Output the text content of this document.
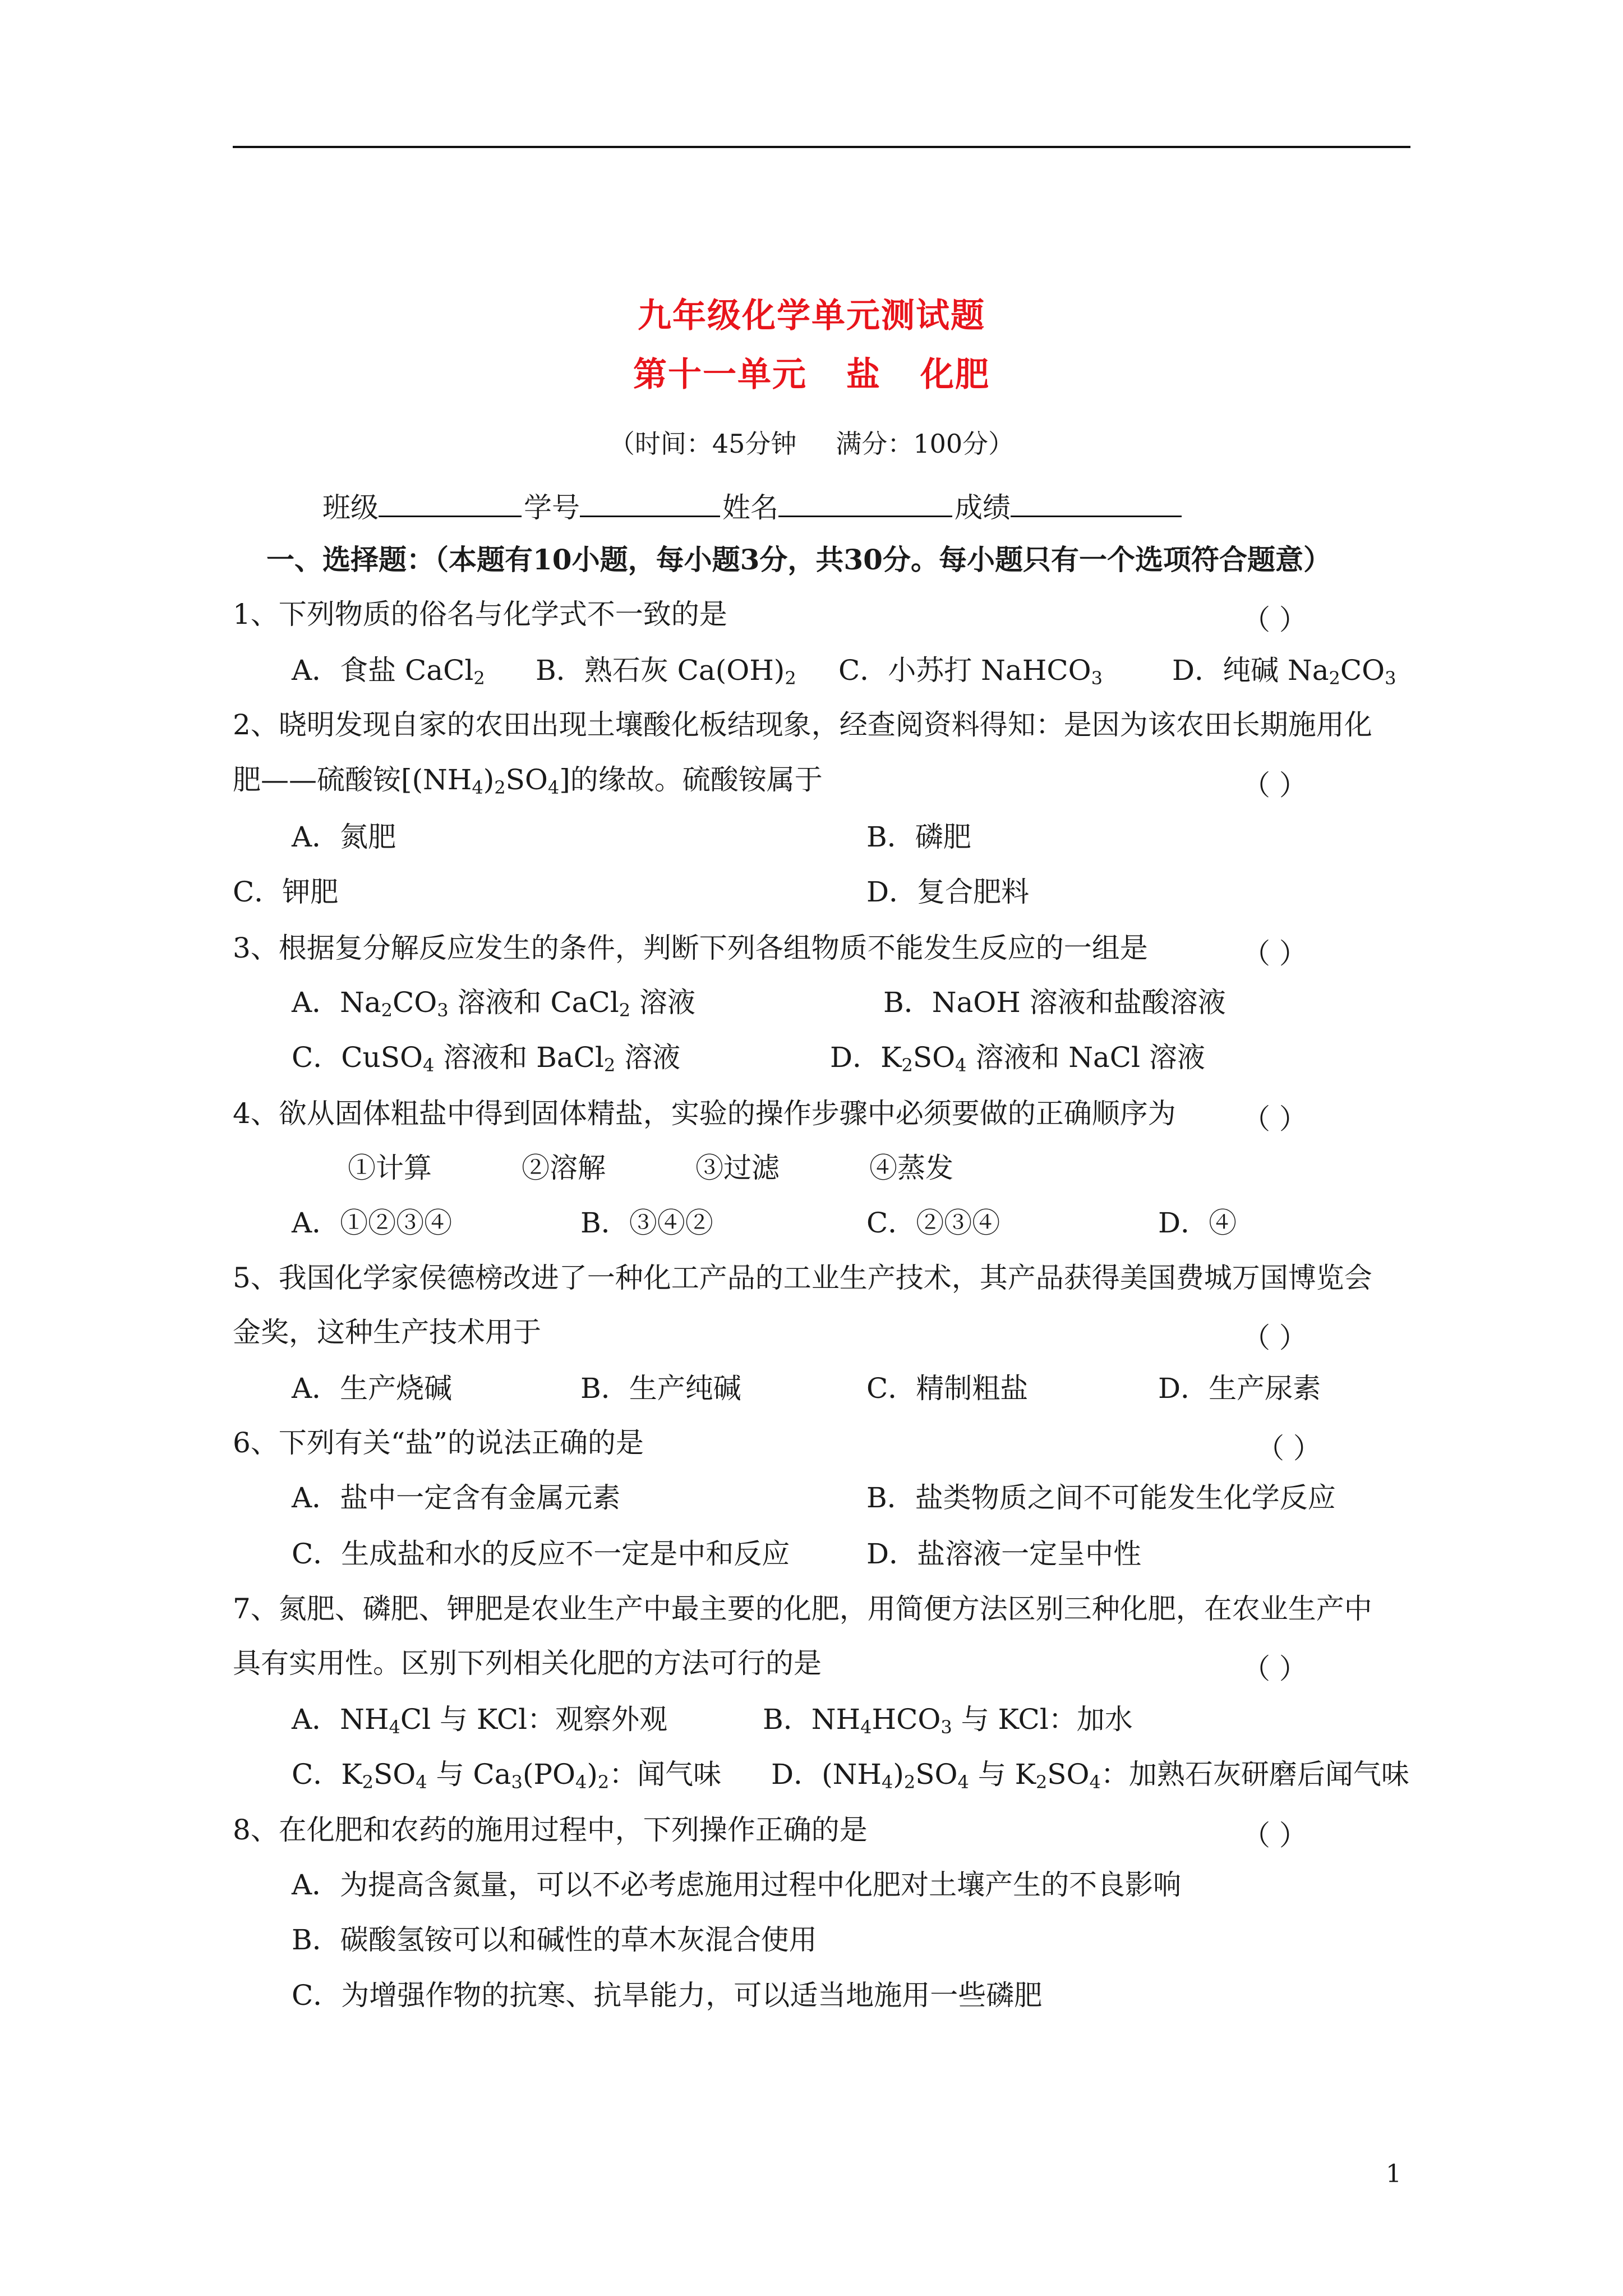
九年级化学单元测试题
第十一单元 盐 化肥
（时间：45分钟 满分：100分）
班级	学号	姓名	成绩
一、选择题：（本题有10小题，每小题3分，共30分。每小题只有一个选项符合题意）
1、下列物质的俗名与化学式不一致的是	（ ）
A．食盐 CaCl$_2$ B．熟石灰 $Ca(OH)_2$ C．小苏打 NaHCO$_3$ D．纯碱 $Na_2CO_3$
2、晓明发现自家的农田出现土壤酸化板结现象，经查阅资料得知：是因为该农田长期施用化
肥——硫酸铵$[(NH_4)_2SO_4]$的缘故。硫酸铵属于	（ ）
A．氮肥	B．磷肥
C．钾肥	D．复合肥料
3、根据复分解反应发生的条件，判断下列各组物质不能发生反应的一组是	（ ）
A．$Na_2CO_3$ 溶液和 CaCl$_2$ 溶液	B．NaOH 溶液和盐酸溶液
C．CuSO$_4$ 溶液和 BaCl$_2$ 溶液	D．$K_2SO_4$ 溶液和 NaCl 溶液
4、欲从固体粗盐中得到固体精盐，实验的操作步骤中必须要做的正确顺序为 （ ）
①计算	②溶解	③过滤	④蒸发
A．①②③④	B．③④②	C．②③④	D．④
5、我国化学家侯德榜改进了一种化工产品的工业生产技术，其产品获得美国费城万国博览会
金奖，这种生产技术用于	（ ）
A．生产烧碱	B．生产纯碱	C．精制粗盐	D．生产尿素
6、下列有关“盐”的说法正确的是	（ ）
A．盐中一定含有金属元素	B．盐类物质之间不可能发生化学反应
C．生成盐和水的反应不一定是中和反应	D．盐溶液一定呈中性
7、氮肥、磷肥、钾肥是农业生产中最主要的化肥，用简便方法区别三种化肥，在农业生产中
具有实用性。区别下列相关化肥的方法可行的是	（ ）
A．$NH_4Cl$ 与 KCl：观察外观	B．$NH_4HCO_3$ 与 KCl：加水
C．$K_2SO_4$ 与 $Ca_3(PO_4)_2$：闻气味 D．$(NH_4)_2SO_4$ 与 $K_2SO_4$：加熟石灰研磨后闻气味
8、在化肥和农药的施用过程中，下列操作正确的是	（ ）
A．为提高含氮量，可以不必考虑施用过程中化肥对土壤产生的不良影响
B．碳酸氢铵可以和碱性的草木灰混合使用
C．为增强作物的抗寒、抗旱能力，可以适当地施用一些磷肥
1
